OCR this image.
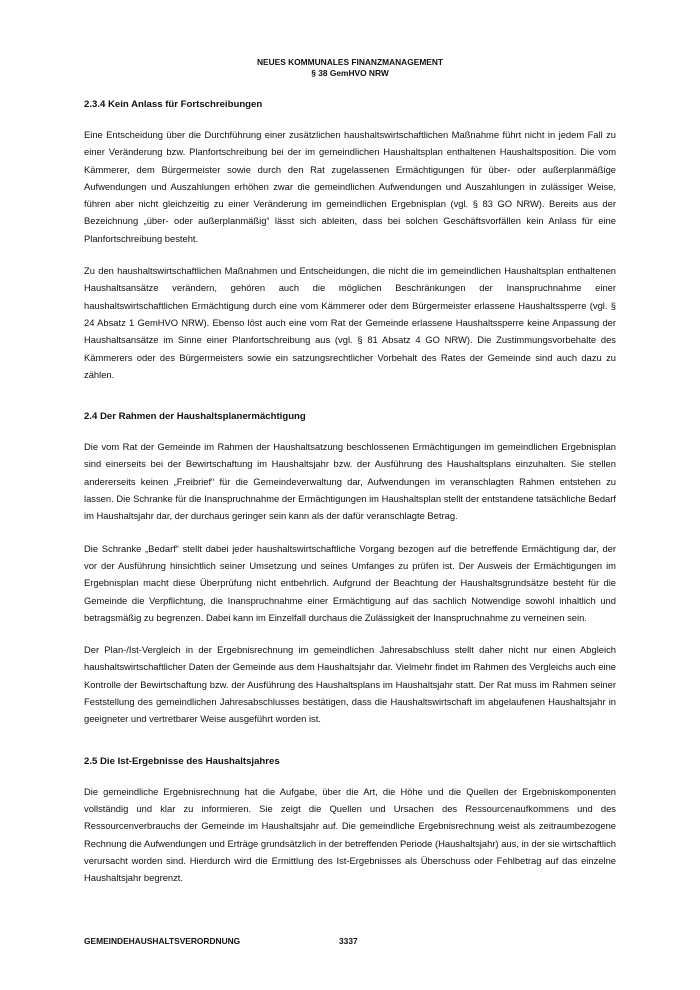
NEUES KOMMUNALES FINANZMANAGEMENT
§ 38 GemHVO NRW
2.3.4 Kein Anlass für Fortschreibungen

Eine Entscheidung über die Durchführung einer zusätzlichen haushaltswirtschaftlichen Maßnahme führt nicht in jedem Fall zu einer Veränderung bzw. Planfortschreibung bei der im gemeindlichen Haushaltsplan enthaltenen Haushaltsposition. Die vom Kämmerer, dem Bürgermeister sowie durch den Rat zugelassenen Ermächtigungen für über- oder außerplanmäßige Aufwendungen und Auszahlungen erhöhen zwar die gemeindlichen Aufwendungen und Auszahlungen in zulässiger Weise, führen aber nicht gleichzeitig zu einer Veränderung im gemeindlichen Ergebnisplan (vgl. § 83 GO NRW). Bereits aus der Bezeichnung „über- oder außerplanmäßig“ lässt sich ableiten, dass bei solchen Geschäftsvorfällen kein Anlass für eine Planfortschreibung besteht.

Zu den haushaltswirtschaftlichen Maßnahmen und Entscheidungen, die nicht die im gemeindlichen Haushaltsplan enthaltenen Haushaltsansätze verändern, gehören auch die möglichen Beschränkungen der Inanspruchnahme einer haushaltswirtschaftlichen Ermächtigung durch eine vom Kämmerer oder dem Bürgermeister erlassene Haushaltssperre (vgl. § 24 Absatz 1 GemHVO NRW). Ebenso löst auch eine vom Rat der Gemeinde erlassene Haushaltssperre keine Anpassung der Haushaltsansätze im Sinne einer Planfortschreibung aus (vgl. § 81 Absatz 4 GO NRW). Die Zustimmungsvorbehalte des Kämmerers oder des Bürgermeisters sowie ein satzungsrechtlicher Vorbehalt des Rates der Gemeinde sind auch dazu zu zählen.

2.4 Der Rahmen der Haushaltsplanermächtigung

Die vom Rat der Gemeinde im Rahmen der Haushaltsatzung beschlossenen Ermächtigungen im gemeindlichen Ergebnisplan sind einerseits bei der Bewirtschaftung im Haushaltsjahr bzw. der Ausführung des Haushaltsplans einzuhalten. Sie stellen andererseits keinen „Freibrief“ für die Gemeindeverwaltung dar, Aufwendungen im veranschlagten Rahmen entstehen zu lassen. Die Schranke für die Inanspruchnahme der Ermächtigungen im Haushaltsplan stellt der entstandene tatsächliche Bedarf im Haushaltsjahr dar, der durchaus geringer sein kann als der dafür veranschlagte Betrag.

Die Schranke „Bedarf“ stellt dabei jeder haushaltswirtschaftliche Vorgang bezogen auf die betreffende Ermächtigung dar, der vor der Ausführung hinsichtlich seiner Umsetzung und seines Umfanges zu prüfen ist. Der Ausweis der Ermächtigungen im Ergebnisplan macht diese Überprüfung nicht entbehrlich. Aufgrund der Beachtung der Haushaltsgrundsätze besteht für die Gemeinde die Verpflichtung, die Inanspruchnahme einer Ermächtigung auf das sachlich Notwendige sowohl inhaltlich und betragsmäßig zu begrenzen. Dabei kann im Einzelfall durchaus die Zulässigkeit der Inanspruchnahme zu verneinen sein.

Der Plan-/Ist-Vergleich in der Ergebnisrechnung im gemeindlichen Jahresabschluss stellt daher nicht nur einen Abgleich haushaltswirtschaftlicher Daten der Gemeinde aus dem Haushaltsjahr dar. Vielmehr findet im Rahmen des Vergleichs auch eine Kontrolle der Bewirtschaftung bzw. der Ausführung des Haushaltsplans im Haushaltsjahr statt. Der Rat muss im Rahmen seiner Feststellung des gemeindlichen Jahresabschlusses bestätigen, dass die Haushaltswirtschaft im abgelaufenen Haushaltsjahr in geeigneter und vertretbarer Weise ausgeführt worden ist.

2.5 Die Ist-Ergebnisse des Haushaltsjahres

Die gemeindliche Ergebnisrechnung hat die Aufgabe, über die Art, die Höhe und die Quellen der Ergebniskomponenten vollständig und klar zu informieren. Sie zeigt die Quellen und Ursachen des Ressourcenaufkommens und des Ressourcenverbrauchs der Gemeinde im Haushaltsjahr auf. Die gemeindliche Ergebnisrechnung weist als zeitraumbezogene Rechnung die Aufwendungen und Erträge grundsätzlich in der betreffenden Periode (Haushaltsjahr) aus, in der sie wirtschaftlich verursacht worden sind. Hierdurch wird die Ermittlung des Ist-Ergebnisses als Überschuss oder Fehlbetrag auf das einzelne Haushaltsjahr begrenzt.

GEMEINDEHAUSHALTSVERORDNUNG	3337
